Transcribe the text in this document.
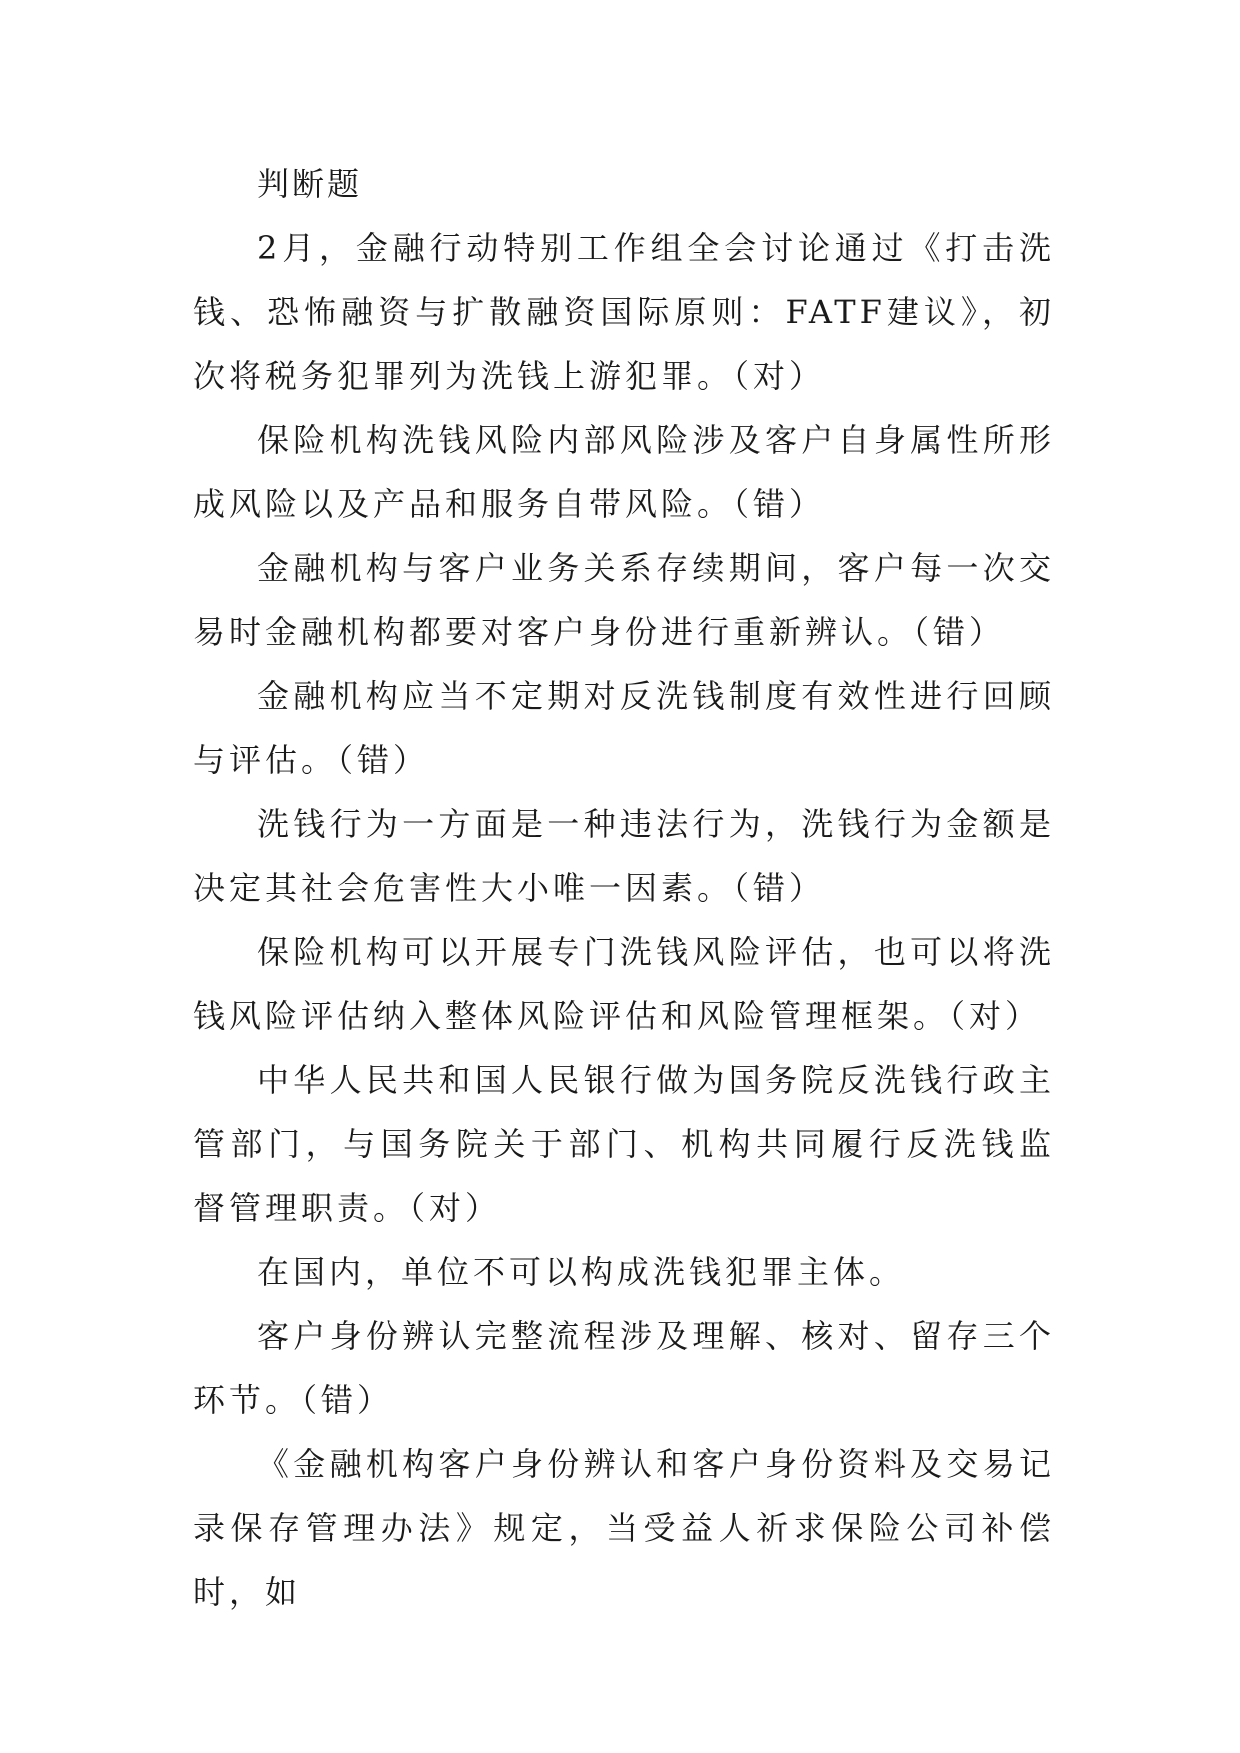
判断题

2月，金融行动特别工作组全会讨论通过《打击洗钱、恐怖融资与扩散融资国际原则：FATF建议》，初次将税务犯罪列为洗钱上游犯罪。（对）

保险机构洗钱风险内部风险涉及客户自身属性所形成风险以及产品和服务自带风险。（错）

金融机构与客户业务关系存续期间，客户每一次交易时金融机构都要对客户身份进行重新辨认。（错）

金融机构应当不定期对反洗钱制度有效性进行回顾与评估。（错）

洗钱行为一方面是一种违法行为，洗钱行为金额是决定其社会危害性大小唯一因素。（错）

保险机构可以开展专门洗钱风险评估，也可以将洗钱风险评估纳入整体风险评估和风险管理框架。（对）

中华人民共和国人民银行做为国务院反洗钱行政主管部门，与国务院关于部门、机构共同履行反洗钱监督管理职责。（对）

在国内，单位不可以构成洗钱犯罪主体。

客户身份辨认完整流程涉及理解、核对、留存三个环节。（错）

《金融机构客户身份辨认和客户身份资料及交易记录保存管理办法》规定，当受益人祈求保险公司补偿时，如
